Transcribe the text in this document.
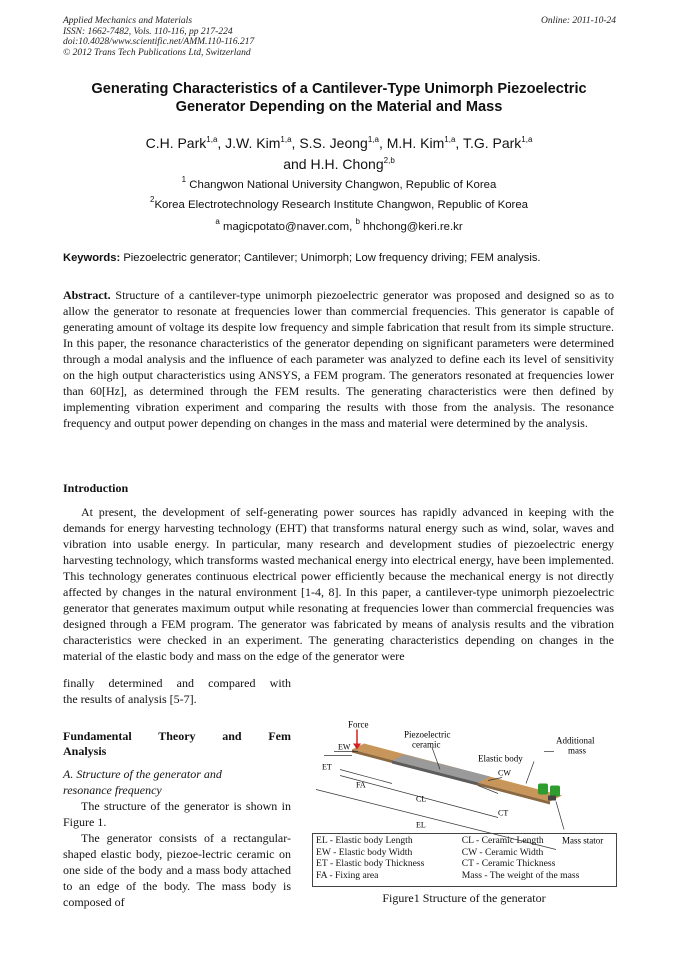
Applied Mechanics and Materials	Online: 2011-10-24
ISSN: 1662-7482, Vols. 110-116, pp 217-224
doi:10.4028/www.scientific.net/AMM.110-116.217
© 2012 Trans Tech Publications Ltd, Switzerland
Generating Characteristics of a Cantilever-Type Unimorph Piezoelectric
Generator Depending on the Material and Mass
C.H. Park$^{1,a}$, J.W. Kim$^{1,a}$, S.S. Jeong$^{1,a}$, M.H. Kim$^{1,a}$, T.G. Park$^{1,a}$
and H.H. Chong$^{2,b}$
$^1$ Changwon National University Changwon, Republic of Korea
$^2$Korea Electrotechnology Research Institute Changwon, Republic of Korea
$^a$ magicpotato@naver.com, $^b$ hhchong@keri.re.kr
Keywords: Piezoelectric generator; Cantilever; Unimorph; Low frequency driving; FEM analysis.
Abstract. Structure of a cantilever-type unimorph piezoelectric generator was proposed and designed so as to allow the generator to resonate at frequencies lower than commercial frequencies. This generator is capable of generating amount of voltage its despite low frequency and simple fabrication that result from its simple structure. In this paper, the resonance characteristics of the generator depending on significant parameters were determined through a modal analysis and the influence of each parameter was analyzed to define each its level of sensitivity on the high output characteristics using ANSYS, a FEM program. The generators resonated at frequencies lower than 60[Hz], as determined through the FEM results. The generating characteristics were then defined by implementing vibration experiment and comparing the results with those from the analysis. The resonance frequency and output power depending on changes in the mass and material were determined by the analysis.
Introduction
At present, the development of self-generating power sources has rapidly advanced in keeping with the demands for energy harvesting technology (EHT) that transforms natural energy such as wind, solar, waves and vibration into usable energy. In particular, many research and development studies of piezoelectric energy harvesting technology, which transforms wasted mechanical energy into electrical energy, have been implemented. This technology generates continuous electrical power efficiently because the mechanical energy is not directly affected by changes in the natural environment [1-4, 8]. In this paper, a cantilever-type unimorph piezoelectric generator that generates maximum output while resonating at frequencies lower than commercial frequencies was designed through a FEM program. The generator was fabricated by means of analysis results and the vibration characteristics were checked in an experiment. The generating characteristics depending on changes in the material of the elastic body and mass on the edge of the generator were
finally determined and compared with
the results of analysis [5-7].
Fundamental Theory and Fem
Analysis
A. Structure of the generator and
resonance frequency

The structure of the generator is shown in Figure 1.

The generator consists of a rectangular-shaped elastic body, piezoe-lectric ceramic on one side of the body and a mass body attached to an edge of the body. The mass body is composed of

Force
Piezoelectric
ceramic
Elastic body
Additional
mass
EW
ET
FA
CL
CW
CT
EL
Mass stator
EL - Elastic body Length	CL - Ceramic Length
EW - Elastic body Width	CW - Ceramic Width
ET - Elastic body Thickness	CT - Ceramic Thickness
FA - Fixing area	Mass - The weight of the mass
Figure1 Structure of the generator
